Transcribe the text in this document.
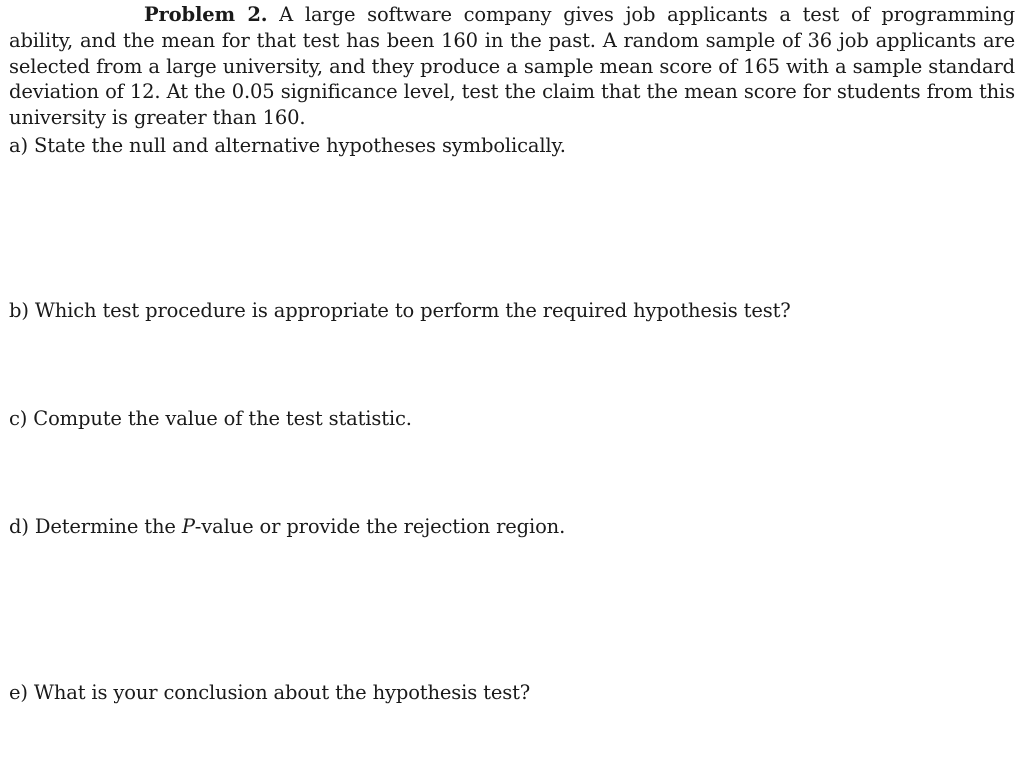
Problem 2. A large software company gives job applicants a test of programming ability, and the mean for that test has been 160 in the past. A random sample of 36 job applicants are selected from a large university, and they produce a sample mean score of 165 with a sample standard deviation of 12. At the 0.05 significance level, test the claim that the mean score for students from this university is greater than 160.

a) State the null and alternative hypotheses symbolically.

b) Which test procedure is appropriate to perform the required hypothesis test?

c) Compute the value of the test statistic.

d) Determine the P-value or provide the rejection region.

e) What is your conclusion about the hypothesis test?
